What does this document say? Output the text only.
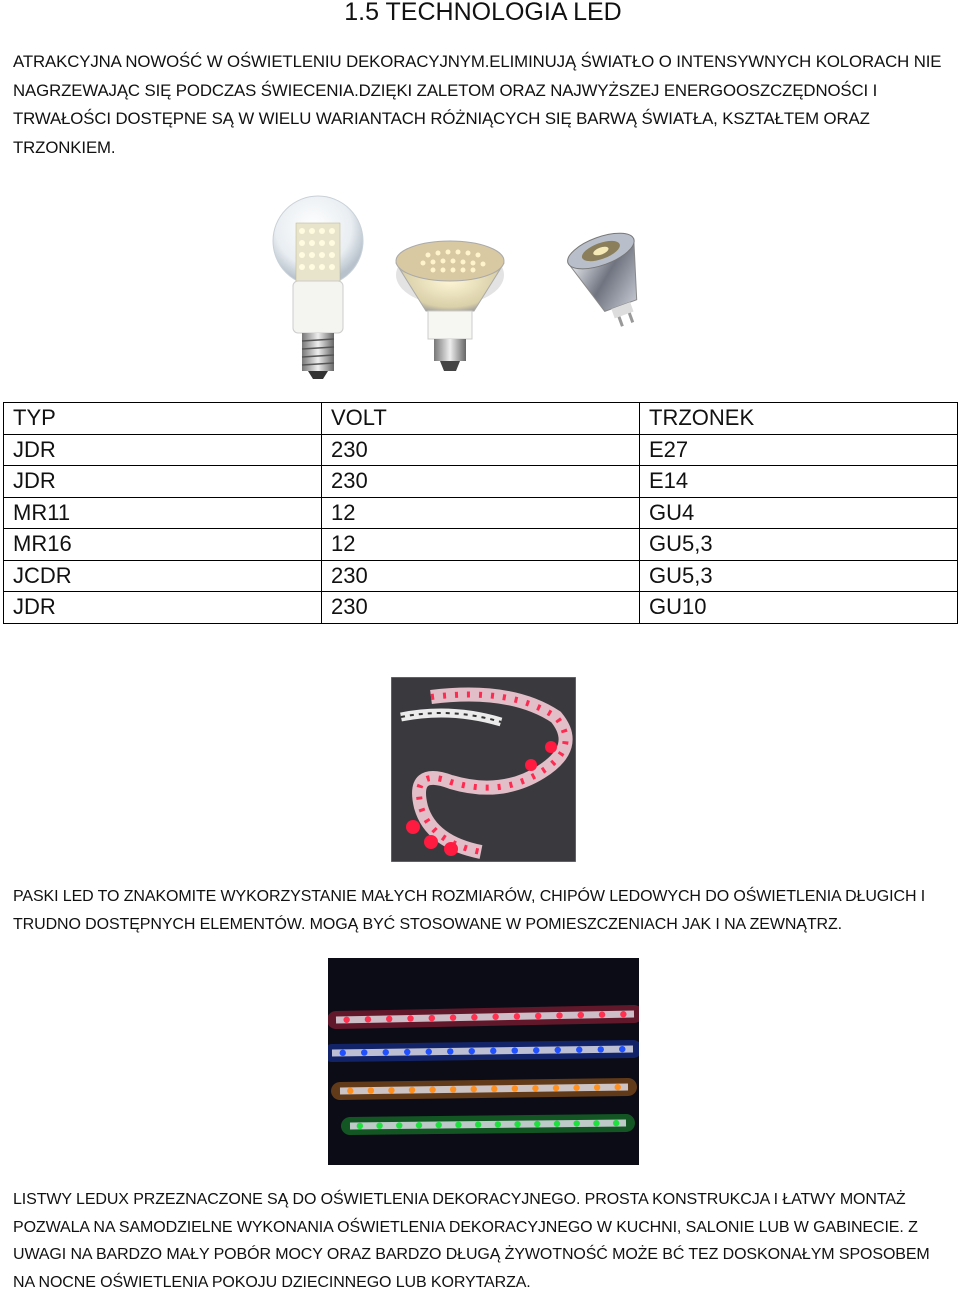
1.5 TECHNOLOGIA LED
ATRAKCYJNA NOWOŚĆ W OŚWIETLENIU DEKORACYJNYM.ELIMINUJĄ ŚWIATŁO O INTENSYWNYCH KOLORACH NIE NAGRZEWAJĄC SIĘ PODCZAS ŚWIECENIA.DZIĘKI ZALETOM ORAZ NAJWYŻSZEJ ENERGOOSZCZĘDNOŚCI I TRWAŁOŚCI DOSTĘPNE SĄ W WIELU WARIANTACH RÓŻNIĄCYCH SIĘ BARWĄ ŚWIATŁA, KSZTAŁTEM ORAZ TRZONKIEM.
TYP	VOLT	TRZONEK
JDR	230	E27
JDR	230	E14
MR11	12	GU4
MR16	12	GU5,3
JCDR	230	GU5,3
JDR	230	GU10
PASKI LED TO ZNAKOMITE WYKORZYSTANIE MAŁYCH ROZMIARÓW, CHIPÓW LEDOWYCH DO OŚWIETLENIA DŁUGICH I TRUDNO DOSTĘPNYCH ELEMENTÓW. MOGĄ BYĆ STOSOWANE W POMIESZCZENIACH JAK I NA ZEWNĄTRZ.
LISTWY LEDUX PRZEZNACZONE SĄ DO OŚWIETLENIA DEKORACYJNEGO. PROSTA KONSTRUKCJA I ŁATWY MONTAŻ POZWALA NA SAMODZIELNE WYKONANIA OŚWIETLENIA DEKORACYJNEGO W KUCHNI, SALONIE LUB W GABINECIE. Z UWAGI NA BARDZO MAŁY POBÓR MOCY ORAZ BARDZO DŁUGĄ ŻYWOTNOŚĆ MOŻE BĆ TEZ DOSKONAŁYM SPOSOBEM NA NOCNE OŚWIETLENIA POKOJU DZIECINNEGO LUB KORYTARZA.
